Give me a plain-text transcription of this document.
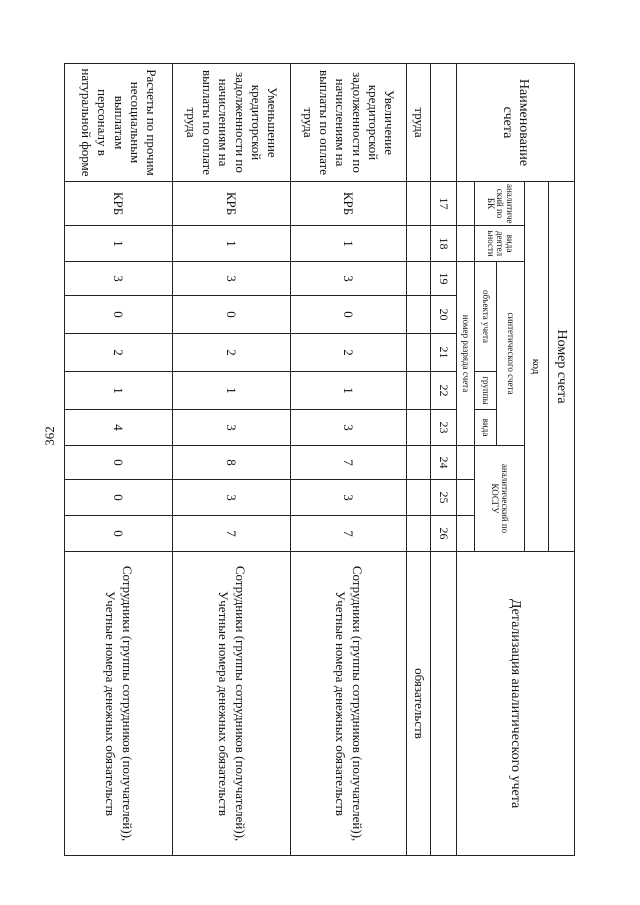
362
Наименование счета	Номер счета										Детализация аналитического учета
	код										
	аналитиче ский по БК	вида деятел ьности	синтетического счета					аналитический по КОСГУ			
			объекта учета			группы	вида				
			номер разряда счета								
	17	18	19	20	21	22	23	24	25	26	
труда											обязательств
Увеличение кредиторской задолженности по начислениям на выплаты по оплате труда	КРБ	1	3	0	2	1	3	7	3	7	Сотрудники (группы сотрудников (получателей)), Учетные номера денежных обязательств
Уменьшение кредиторской задолженности по начислениям на выплаты по оплате труда	КРБ	1	3	0	2	1	3	8	3	7	Сотрудники (группы сотрудников (получателей)), Учетные номера денежных обязательств
Расчеты по прочим несоциальным выплатам персоналу в натуральной форме	КРБ	1	3	0	2	1	4	0	0	0	Сотрудники (группы сотрудников (получателей)), Учетные номера денежных обязательств
